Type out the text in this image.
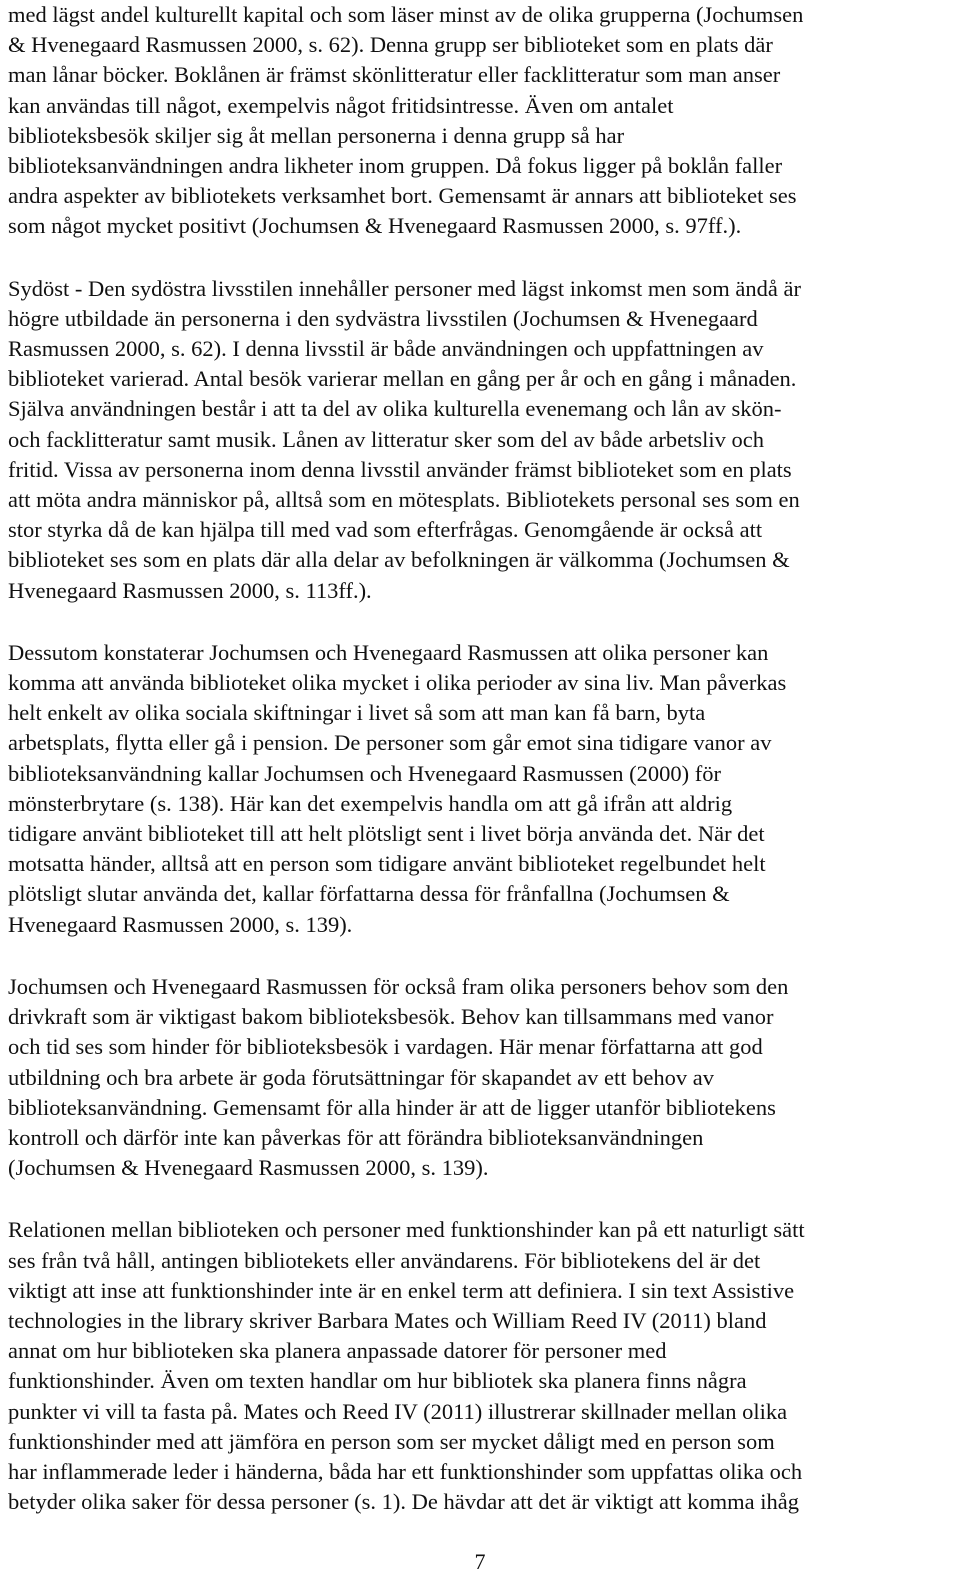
med lägst andel kulturellt kapital och som läser minst av de olika grupperna (Jochumsen
& Hvenegaard Rasmussen 2000, s. 62). Denna grupp ser biblioteket som en plats där
man lånar böcker. Boklånen är främst skönlitteratur eller facklitteratur som man anser
kan användas till något, exempelvis något fritidsintresse. Även om antalet
biblioteksbesök skiljer sig åt mellan personerna i denna grupp så har
biblioteksanvändningen andra likheter inom gruppen. Då fokus ligger på boklån faller
andra aspekter av bibliotekets verksamhet bort. Gemensamt är annars att biblioteket ses
som något mycket positivt (Jochumsen & Hvenegaard Rasmussen 2000, s. 97ff.).
Sydöst - Den sydöstra livsstilen innehåller personer med lägst inkomst men som ändå är
högre utbildade än personerna i den sydvästra livsstilen (Jochumsen & Hvenegaard
Rasmussen 2000, s. 62). I denna livsstil är både användningen och uppfattningen av
biblioteket varierad. Antal besök varierar mellan en gång per år och en gång i månaden.
Själva användningen består i att ta del av olika kulturella evenemang och lån av skön-
och facklitteratur samt musik. Lånen av litteratur sker som del av både arbetsliv och
fritid. Vissa av personerna inom denna livsstil använder främst biblioteket som en plats
att möta andra människor på, alltså som en mötesplats. Bibliotekets personal ses som en
stor styrka då de kan hjälpa till med vad som efterfrågas. Genomgående är också att
biblioteket ses som en plats där alla delar av befolkningen är välkomma (Jochumsen &
Hvenegaard Rasmussen 2000, s. 113ff.).
Dessutom konstaterar Jochumsen och Hvenegaard Rasmussen att olika personer kan
komma att använda biblioteket olika mycket i olika perioder av sina liv. Man påverkas
helt enkelt av olika sociala skiftningar i livet så som att man kan få barn, byta
arbetsplats, flytta eller gå i pension. De personer som går emot sina tidigare vanor av
biblioteksanvändning kallar Jochumsen och Hvenegaard Rasmussen (2000) för
mönsterbrytare (s. 138). Här kan det exempelvis handla om att gå ifrån att aldrig
tidigare använt biblioteket till att helt plötsligt sent i livet börja använda det. När det
motsatta händer, alltså att en person som tidigare använt biblioteket regelbundet helt
plötsligt slutar använda det, kallar författarna dessa för frånfallna (Jochumsen &
Hvenegaard Rasmussen 2000, s. 139).
Jochumsen och Hvenegaard Rasmussen för också fram olika personers behov som den
drivkraft som är viktigast bakom biblioteksbesök. Behov kan tillsammans med vanor
och tid ses som hinder för biblioteksbesök i vardagen. Här menar författarna att god
utbildning och bra arbete är goda förutsättningar för skapandet av ett behov av
biblioteksanvändning. Gemensamt för alla hinder är att de ligger utanför bibliotekens
kontroll och därför inte kan påverkas för att förändra biblioteksanvändningen
(Jochumsen & Hvenegaard Rasmussen 2000, s. 139).
Relationen mellan biblioteken och personer med funktionshinder kan på ett naturligt sätt
ses från två håll, antingen bibliotekets eller användarens. För bibliotekens del är det
viktigt att inse att funktionshinder inte är en enkel term att definiera. I sin text Assistive
technologies in the library skriver Barbara Mates och William Reed IV (2011) bland
annat om hur biblioteken ska planera anpassade datorer för personer med
funktionshinder. Även om texten handlar om hur bibliotek ska planera finns några
punkter vi vill ta fasta på. Mates och Reed IV (2011) illustrerar skillnader mellan olika
funktionshinder med att jämföra en person som ser mycket dåligt med en person som
har inflammerade leder i händerna, båda har ett funktionshinder som uppfattas olika och
betyder olika saker för dessa personer (s. 1). De hävdar att det är viktigt att komma ihåg
7
